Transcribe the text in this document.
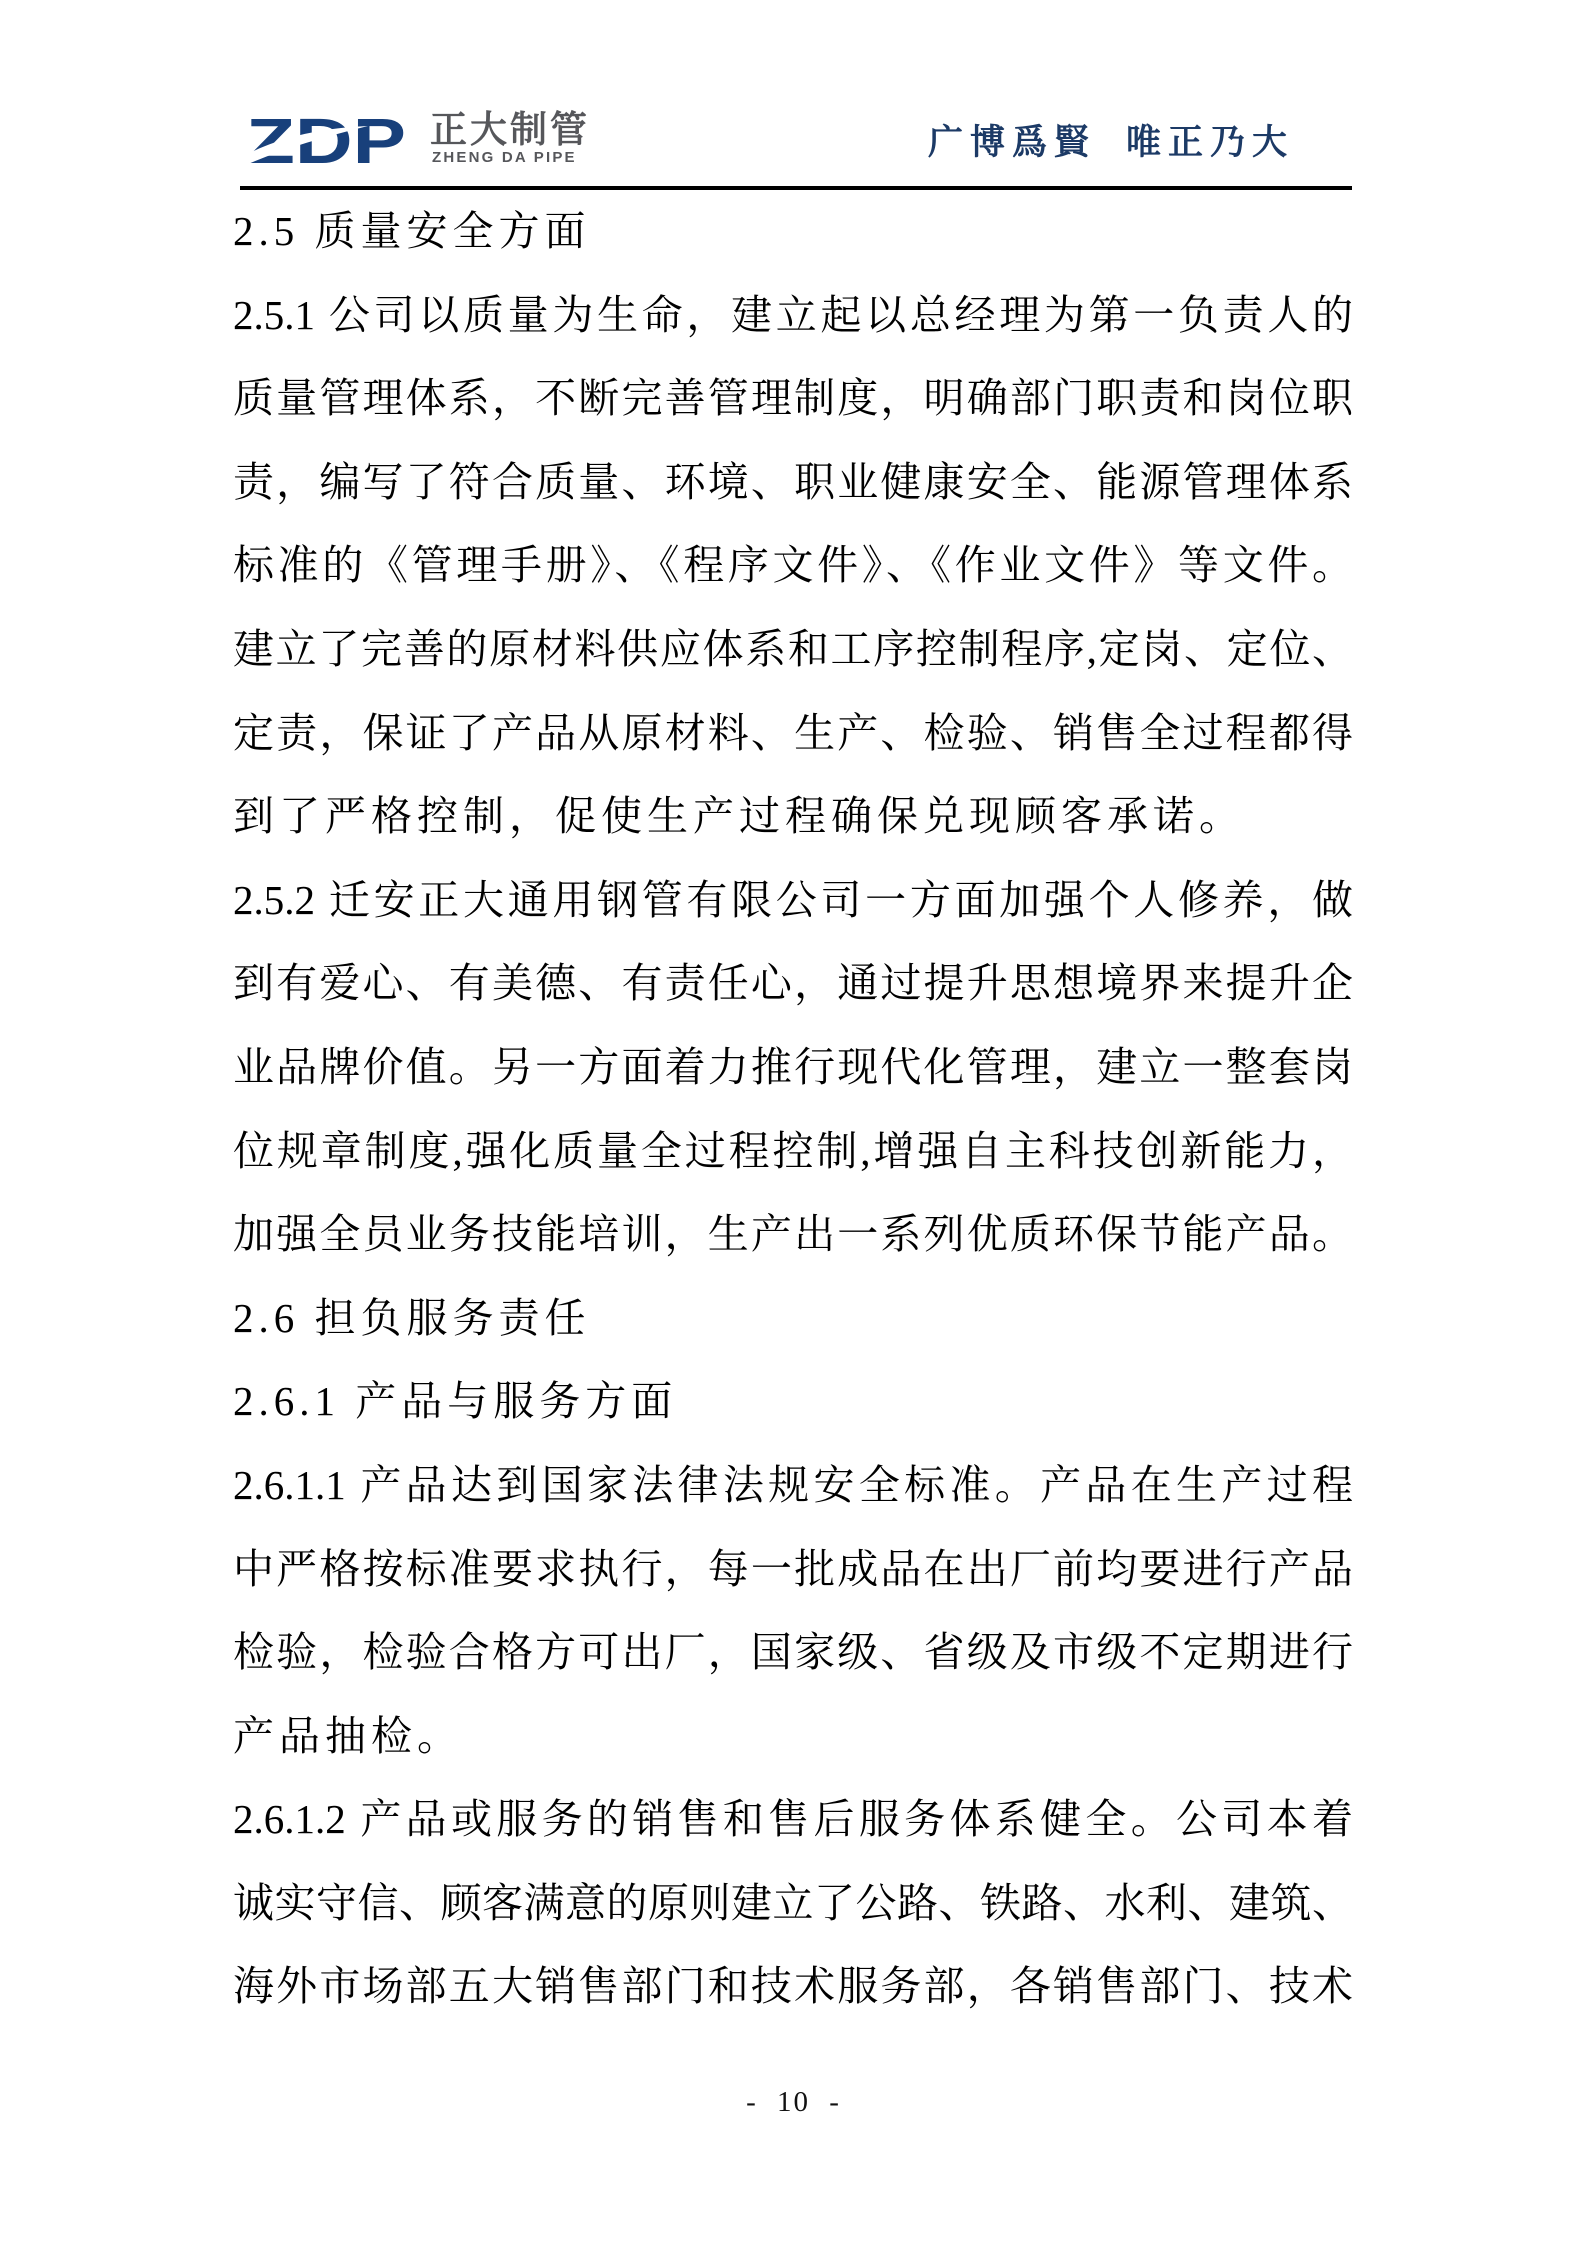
ZDP 正大制管
ZHENG DA PIPE	广博爲賢 唯正乃大
2.5 质量安全方面
2.5.1 公司以质量为生命，建立起以总经理为第一负责人的
质量管理体系，不断完善管理制度，明确部门职责和岗位职
责，编写了符合质量、环境、职业健康安全、能源管理体系
标准的《管理手册》、《程序文件》、《作业文件》等文件。
建立了完善的原材料供应体系和工序控制程序,定岗、定位、
定责，保证了产品从原材料、生产、检验、销售全过程都得
到了严格控制，促使生产过程确保兑现顾客承诺。
2.5.2 迁安正大通用钢管有限公司一方面加强个人修养，做
到有爱心、有美德、有责任心，通过提升思想境界来提升企
业品牌价值。另一方面着力推行现代化管理，建立一整套岗
位规章制度,强化质量全过程控制,增强自主科技创新能力，
加强全员业务技能培训，生产出一系列优质环保节能产品。
2.6 担负服务责任
2.6.1 产品与服务方面
2.6.1.1 产品达到国家法律法规安全标准。产品在生产过程
中严格按标准要求执行，每一批成品在出厂前均要进行产品
检验，检验合格方可出厂，国家级、省级及市级不定期进行
产品抽检。
2.6.1.2 产品或服务的销售和售后服务体系健全。公司本着
诚实守信、顾客满意的原则建立了公路、铁路、水利、建筑、
海外市场部五大销售部门和技术服务部，各销售部门、技术
- 10 -
